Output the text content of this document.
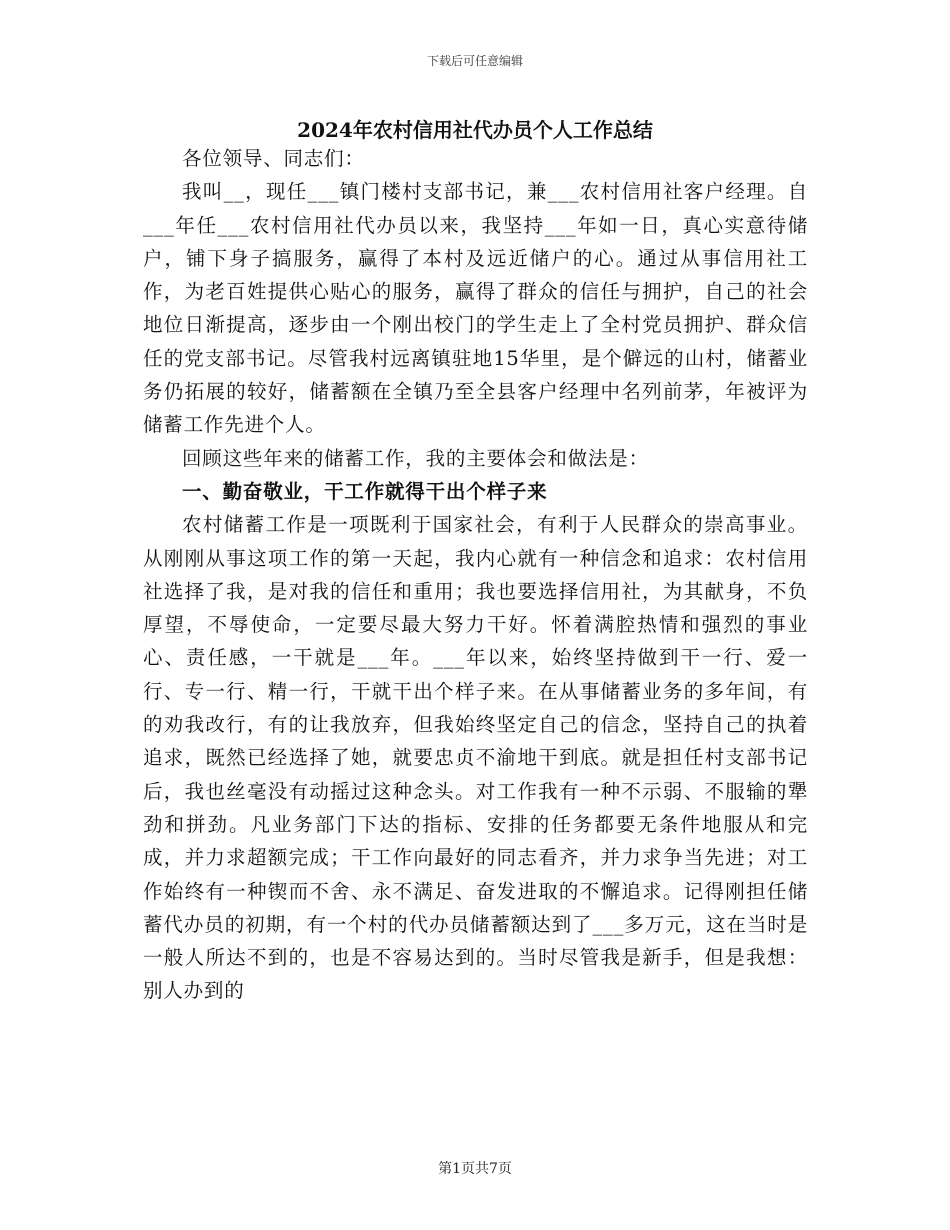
下载后可任意编辑
2024年农村信用社代办员个人工作总结

各位领导、同志们：

我叫__，现任___镇门楼村支部书记，兼___农村信用社客户经理。自___年任___农村信用社代办员以来，我坚持___年如一日，真心实意待储户，铺下身子搞服务，赢得了本村及远近储户的心。通过从事信用社工作，为老百姓提供心贴心的服务，赢得了群众的信任与拥护，自己的社会地位日渐提高，逐步由一个刚出校门的学生走上了全村党员拥护、群众信任的党支部书记。尽管我村远离镇驻地15华里，是个僻远的山村，储蓄业务仍拓展的较好，储蓄额在全镇乃至全县客户经理中名列前茅，年被评为储蓄工作先进个人。

回顾这些年来的储蓄工作，我的主要体会和做法是：

一、勤奋敬业，干工作就得干出个样子来

农村储蓄工作是一项既利于国家社会，有利于人民群众的崇高事业。从刚刚从事这项工作的第一天起，我内心就有一种信念和追求：农村信用社选择了我，是对我的信任和重用；我也要选择信用社，为其献身，不负厚望，不辱使命，一定要尽最大努力干好。怀着满腔热情和强烈的事业心、责任感，一干就是___年。___年以来，始终坚持做到干一行、爱一行、专一行、精一行，干就干出个样子来。在从事储蓄业务的多年间，有的劝我改行，有的让我放弃，但我始终坚定自己的信念，坚持自己的执着追求，既然已经选择了她，就要忠贞不渝地干到底。就是担任村支部书记后，我也丝毫没有动摇过这种念头。对工作我有一种不示弱、不服输的犟劲和拼劲。凡业务部门下达的指标、安排的任务都要无条件地服从和完成，并力求超额完成；干工作向最好的同志看齐，并力求争当先进；对工作始终有一种锲而不舍、永不满足、奋发进取的不懈追求。记得刚担任储蓄代办员的初期，有一个村的代办员储蓄额达到了___多万元，这在当时是一般人所达不到的，也是不容易达到的。当时尽管我是新手，但是我想：别人办到的

第1页共7页
